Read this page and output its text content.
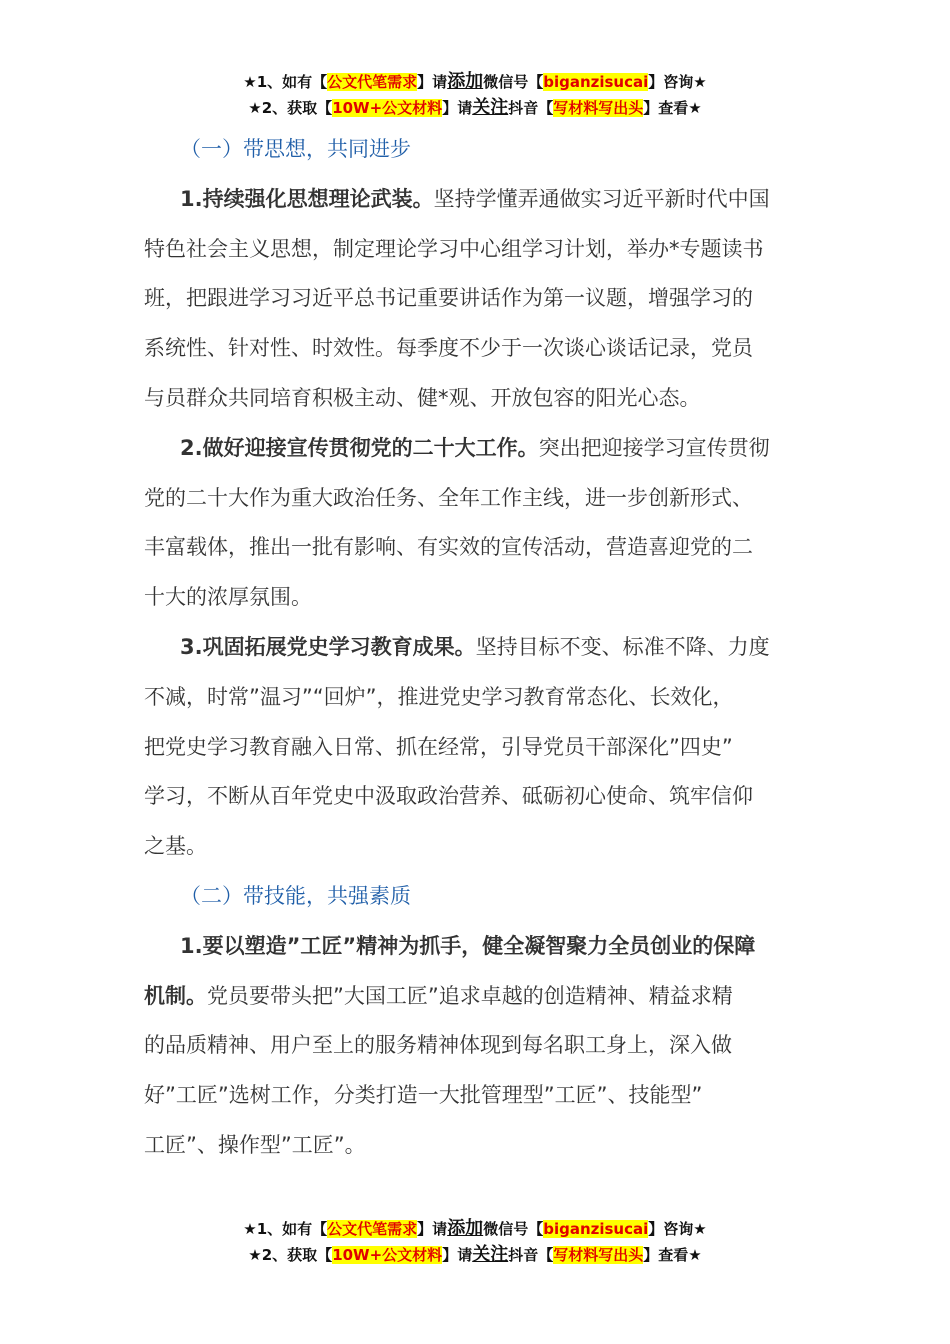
★1、如有【公文代笔需求】请添加微信号【biganzisucai】咨询★
★2、获取【10W+公文材料】请关注抖音【写材料写出头】查看★
（一）带思想，共同进步

1.持续强化思想理论武装。坚持学懂弄通做实习近平新时代中国
特色社会主义思想，制定理论学习中心组学习计划，举办*专题读书
班，把跟进学习习近平总书记重要讲话作为第一议题，增强学习的
系统性、针对性、时效性。每季度不少于一次谈心谈话记录，党员
与员群众共同培育积极主动、健*观、开放包容的阳光心态。

2.做好迎接宣传贯彻党的二十大工作。突出把迎接学习宣传贯彻
党的二十大作为重大政治任务、全年工作主线，进一步创新形式、
丰富载体，推出一批有影响、有实效的宣传活动，营造喜迎党的二
十大的浓厚氛围。

3.巩固拓展党史学习教育成果。坚持目标不变、标准不降、力度
不减，时常”温习”“回炉”，推进党史学习教育常态化、长效化，
把党史学习教育融入日常、抓在经常，引导党员干部深化”四史”
学习，不断从百年党史中汲取政治营养、砥砺初心使命、筑牢信仰
之基。

（二）带技能，共强素质

1.要以塑造”工匠”精神为抓手，健全凝智聚力全员创业的保障
机制。党员要带头把”大国工匠”追求卓越的创造精神、精益求精
的品质精神、用户至上的服务精神体现到每名职工身上，深入做
好”工匠”选树工作，分类打造一大批管理型”工匠”、技能型”
工匠”、操作型”工匠”。

★1、如有【公文代笔需求】请添加微信号【biganzisucai】咨询★
★2、获取【10W+公文材料】请关注抖音【写材料写出头】查看★
